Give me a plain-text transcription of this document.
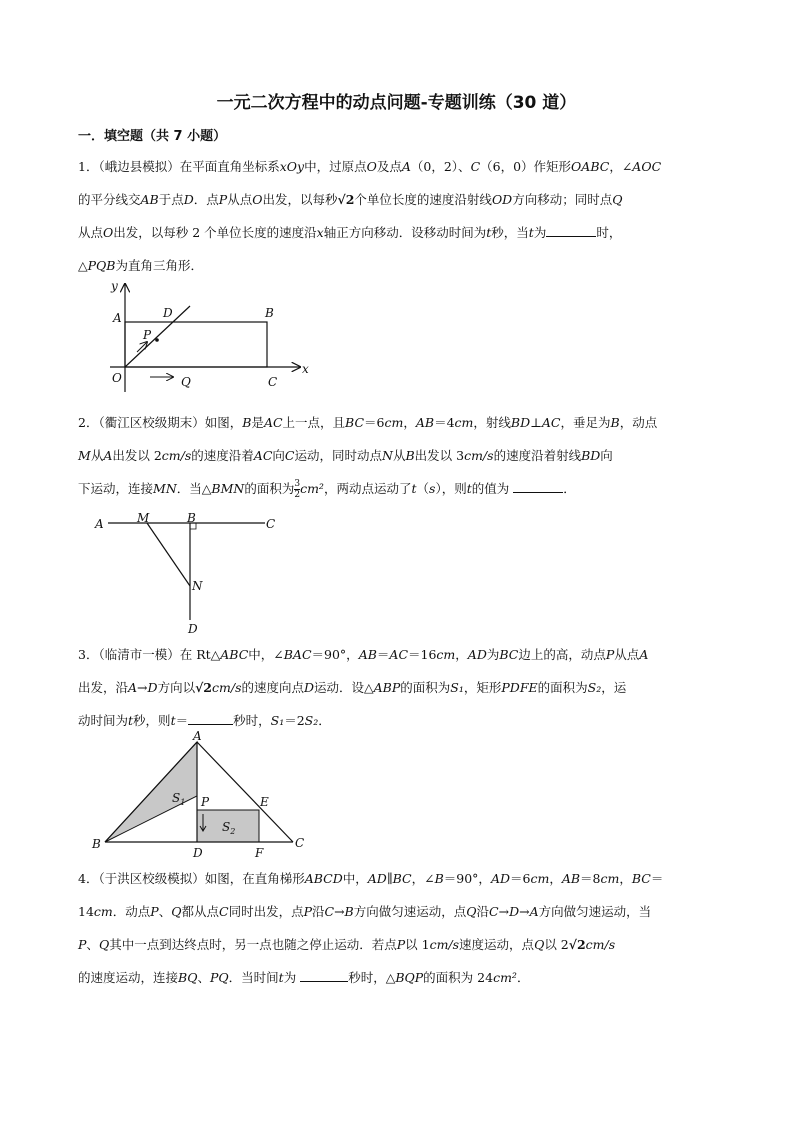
一元二次方程中的动点问题-专题训练（30 道）
一．填空题（共 7 小题）
1．（峨边县模拟）在平面直角坐标系xOy中，过原点O及点A（0，2）、C（6，0）作矩形OABC，∠AOC
的平分线交AB于点D．点P从点O出发，以每秒√2个单位长度的速度沿射线OD方向移动；同时点Q
从点O出发，以每秒 2 个单位长度的速度沿x轴正方向移动．设移动时间为t秒，当t为	时，
△PQB为直角三角形．
y
x
A	D	B
P
O	Q	C
2．（衢江区校级期末）如图，B是AC上一点，且BC＝6cm，AB＝4cm，射线BD⊥AC，垂足为B，动点
M从A出发以 2cm/s的速度沿着AC向C运动，同时动点N从B出发以 3cm/s的速度沿着射线BD向
下运动，连接MN．当△BMN的面积为 $\frac{3}{2} cm^2$，两动点运动了t（s），则t的值为	．
A	M	B	C
N
D
3．（临清市一模）在 Rt△ABC中，∠BAC＝90°，AB＝AC＝16cm，AD为BC边上的高，动点P从点A
出发，沿A→D方向以√2cm/s的速度向点D运动．设△ABP的面积为S₁，矩形PDFE的面积为S₂，运
动时间为t秒，则t＝	秒时，S₁＝2S₂．
A
B
P	E
D	F
C
$S_1$
$S_2$
4．（于洪区校级模拟）如图，在直角梯形ABCD中，AD∥BC，∠B＝90°，AD＝6cm，AB＝8cm，BC＝
14cm．动点P、Q都从点C同时出发，点P沿C→B方向做匀速运动，点Q沿C→D→A方向做匀速运动，当
P、Q其中一点到达终点时，另一点也随之停止运动．若点P以 1cm/s速度运动，点Q以 2√2cm/s
的速度运动，连接BQ、PQ．当时间t为	秒时，△BQP的面积为 24cm²．
